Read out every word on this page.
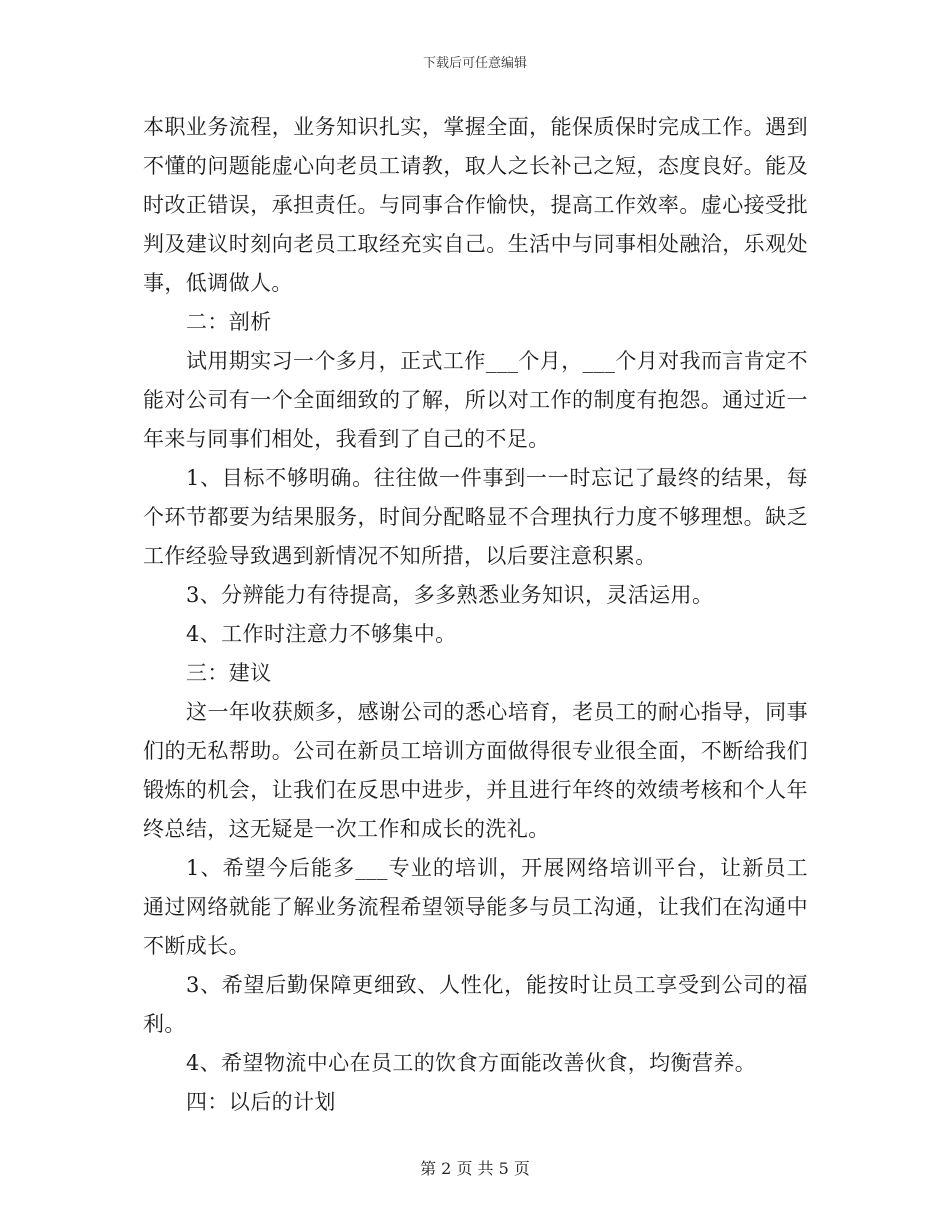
下载后可任意编辑

本职业务流程，业务知识扎实，掌握全面，能保质保时完成工作。遇到不懂的问题能虚心向老员工请教，取人之长补己之短，态度良好。能及时改正错误，承担责任。与同事合作愉快，提高工作效率。虚心接受批判及建议时刻向老员工取经充实自己。生活中与同事相处融洽，乐观处事，低调做人。

二：剖析

试用期实习一个多月，正式工作___个月，___个月对我而言肯定不能对公司有一个全面细致的了解，所以对工作的制度有抱怨。通过近一年来与同事们相处，我看到了自己的不足。

1、目标不够明确。往往做一件事到一一时忘记了最终的结果，每个环节都要为结果服务，时间分配略显不合理执行力度不够理想。缺乏工作经验导致遇到新情况不知所措，以后要注意积累。

3、分辨能力有待提高，多多熟悉业务知识，灵活运用。

4、工作时注意力不够集中。

三：建议

这一年收获颇多，感谢公司的悉心培育，老员工的耐心指导，同事们的无私帮助。公司在新员工培训方面做得很专业很全面，不断给我们锻炼的机会，让我们在反思中进步，并且进行年终的效绩考核和个人年终总结，这无疑是一次工作和成长的洗礼。

1、希望今后能多___专业的培训，开展网络培训平台，让新员工通过网络就能了解业务流程希望领导能多与员工沟通，让我们在沟通中不断成长。

3、希望后勤保障更细致、人性化，能按时让员工享受到公司的福利。

4、希望物流中心在员工的饮食方面能改善伙食，均衡营养。

四：以后的计划

第 2 页 共 5 页
